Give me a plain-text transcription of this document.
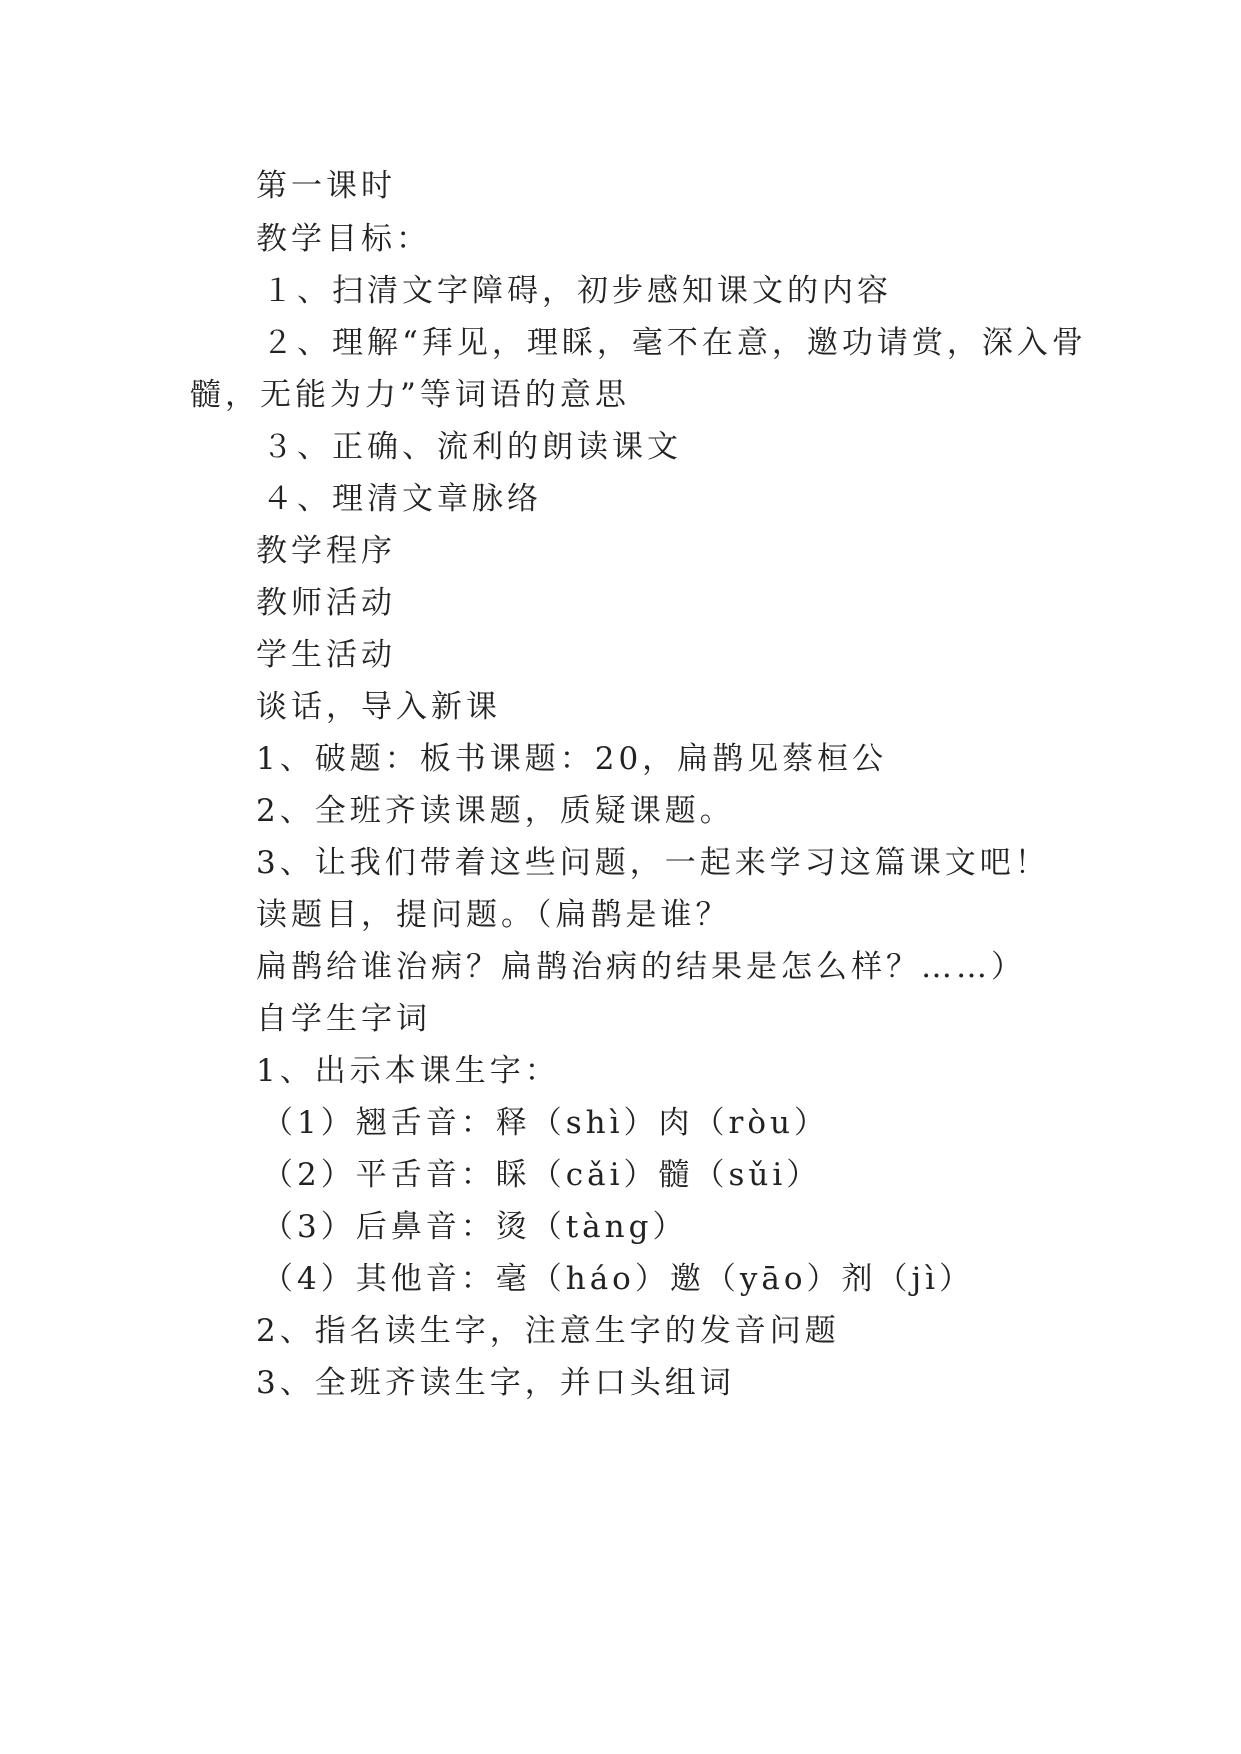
第一课时
教学目标：
１、扫清文字障碍，初步感知课文的内容
２、理解“拜见，理睬，毫不在意，邀功请赏，深入骨
髓，无能为力”等词语的意思
３、正确、流利的朗读课文
４、理清文章脉络
教学程序
教师活动
学生活动
谈话，导入新课
1、破题：板书课题：20，扁鹊见蔡桓公
2、全班齐读课题，质疑课题。
3、让我们带着这些问题，一起来学习这篇课文吧！
读题目，提问题。（扁鹊是谁？
扁鹊给谁治病？扁鹊治病的结果是怎么样？……）
自学生字词
1、出示本课生字：
（1）翘舌音：释（shì）肉（ròu）
（2）平舌音：睬（cǎi）髓（sǔi）
（3）后鼻音：烫（tàng）
（4）其他音：毫（háo）邀（yāo）剂（jì）
2、指名读生字，注意生字的发音问题
3、全班齐读生字，并口头组词
